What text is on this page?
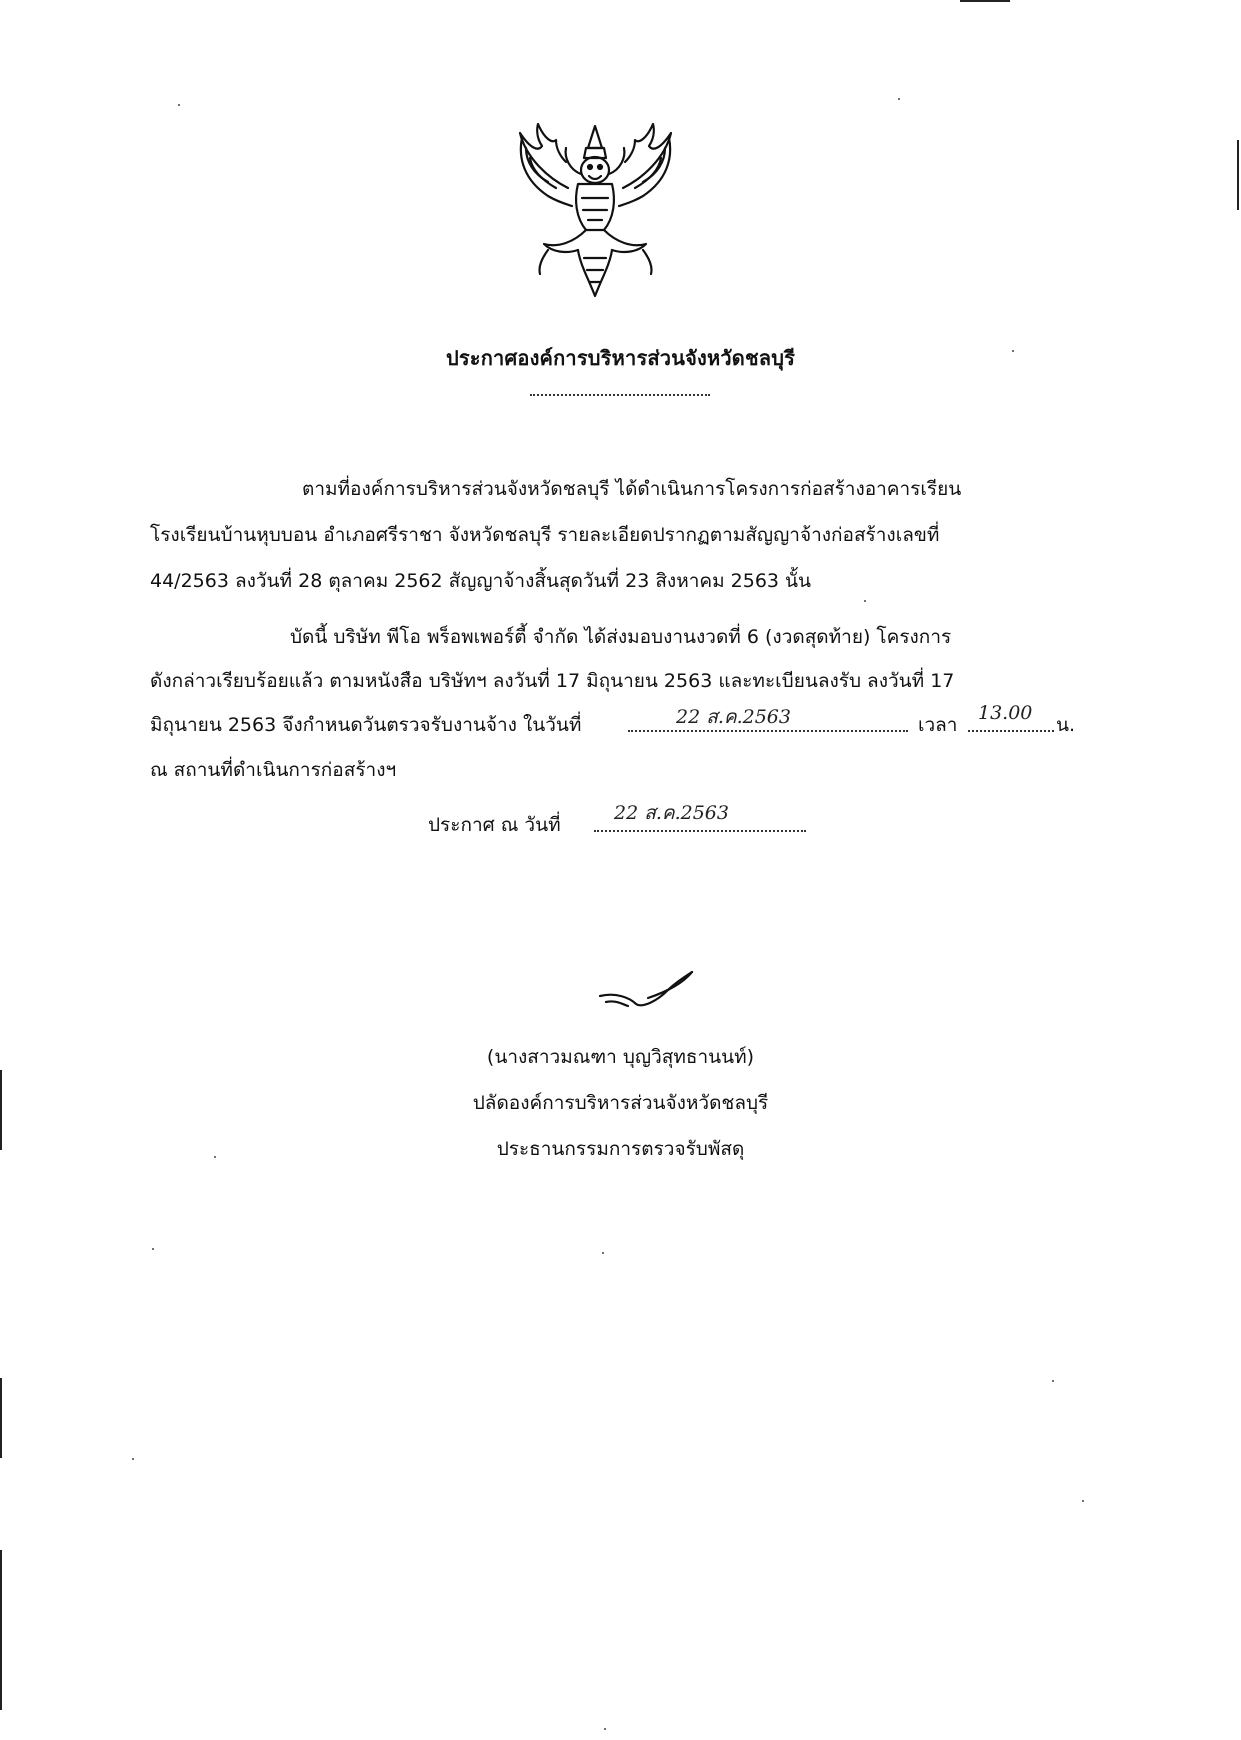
ประกาศองค์การบริหารส่วนจังหวัดชลบุรี
ตามที่องค์การบริหารส่วนจังหวัดชลบุรี ได้ดำเนินการโครงการก่อสร้างอาคารเรียน
โรงเรียนบ้านหุบบอน อำเภอศรีราชา จังหวัดชลบุรี รายละเอียดปรากฏตามสัญญาจ้างก่อสร้างเลขที่
44/2563 ลงวันที่ 28 ตุลาคม 2562 สัญญาจ้างสิ้นสุดวันที่ 23 สิงหาคม 2563 นั้น
บัดนี้ บริษัท พีโอ พร็อพเพอร์ตี้ จำกัด ได้ส่งมอบงานงวดที่ 6 (งวดสุดท้าย) โครงการ
ดังกล่าวเรียบร้อยแล้ว ตามหนังสือ บริษัทฯ ลงวันที่ 17 มิถุนายน 2563 และทะเบียนลงรับ ลงวันที่ 17
มิถุนายน 2563 จึงกำหนดวันตรวจรับงานจ้าง ในวันที่	22 ส.ค.2563	เวลา
13.00
น.
ณ สถานที่ดำเนินการก่อสร้างฯ
ประกาศ ณ วันที่
22 ส.ค.2563
(นางสาวมณฑา บุญวิสุทธานนท์)
ปลัดองค์การบริหารส่วนจังหวัดชลบุรี
ประธานกรรมการตรวจรับพัสดุ
